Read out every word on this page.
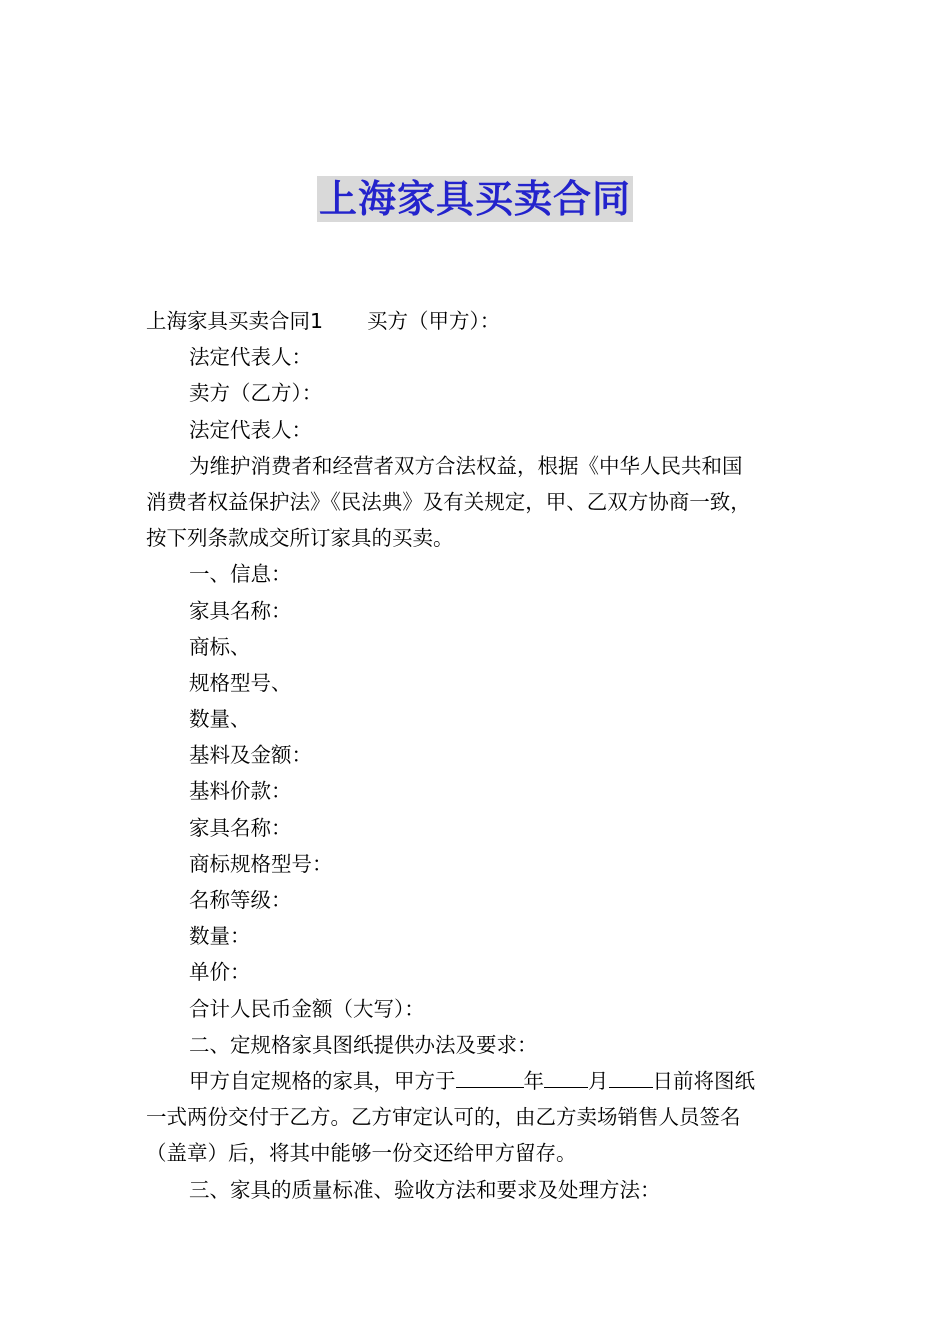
上海家具买卖合同
上海家具买卖合同1 买方（甲方）：
法定代表人：
卖方（乙方）：
法定代表人：
为维护消费者和经营者双方合法权益，根据《中华人民共和国
消费者权益保护法》《民法典》及有关规定，甲、乙双方协商一致，
按下列条款成交所订家具的买卖。
一、信息：
家具名称：
商标、
规格型号、
数量、
基料及金额：
基料价款：
家具名称：
商标规格型号：
名称等级：
数量：
单价：
合计人民币金额（大写）：
二、定规格家具图纸提供办法及要求：
甲方自定规格的家具，甲方于	年 月 日前将图纸
一式两份交付于乙方。乙方审定认可的，由乙方卖场销售人员签名
（盖章）后，将其中能够一份交还给甲方留存。
三、家具的质量标准、验收方法和要求及处理方法：
